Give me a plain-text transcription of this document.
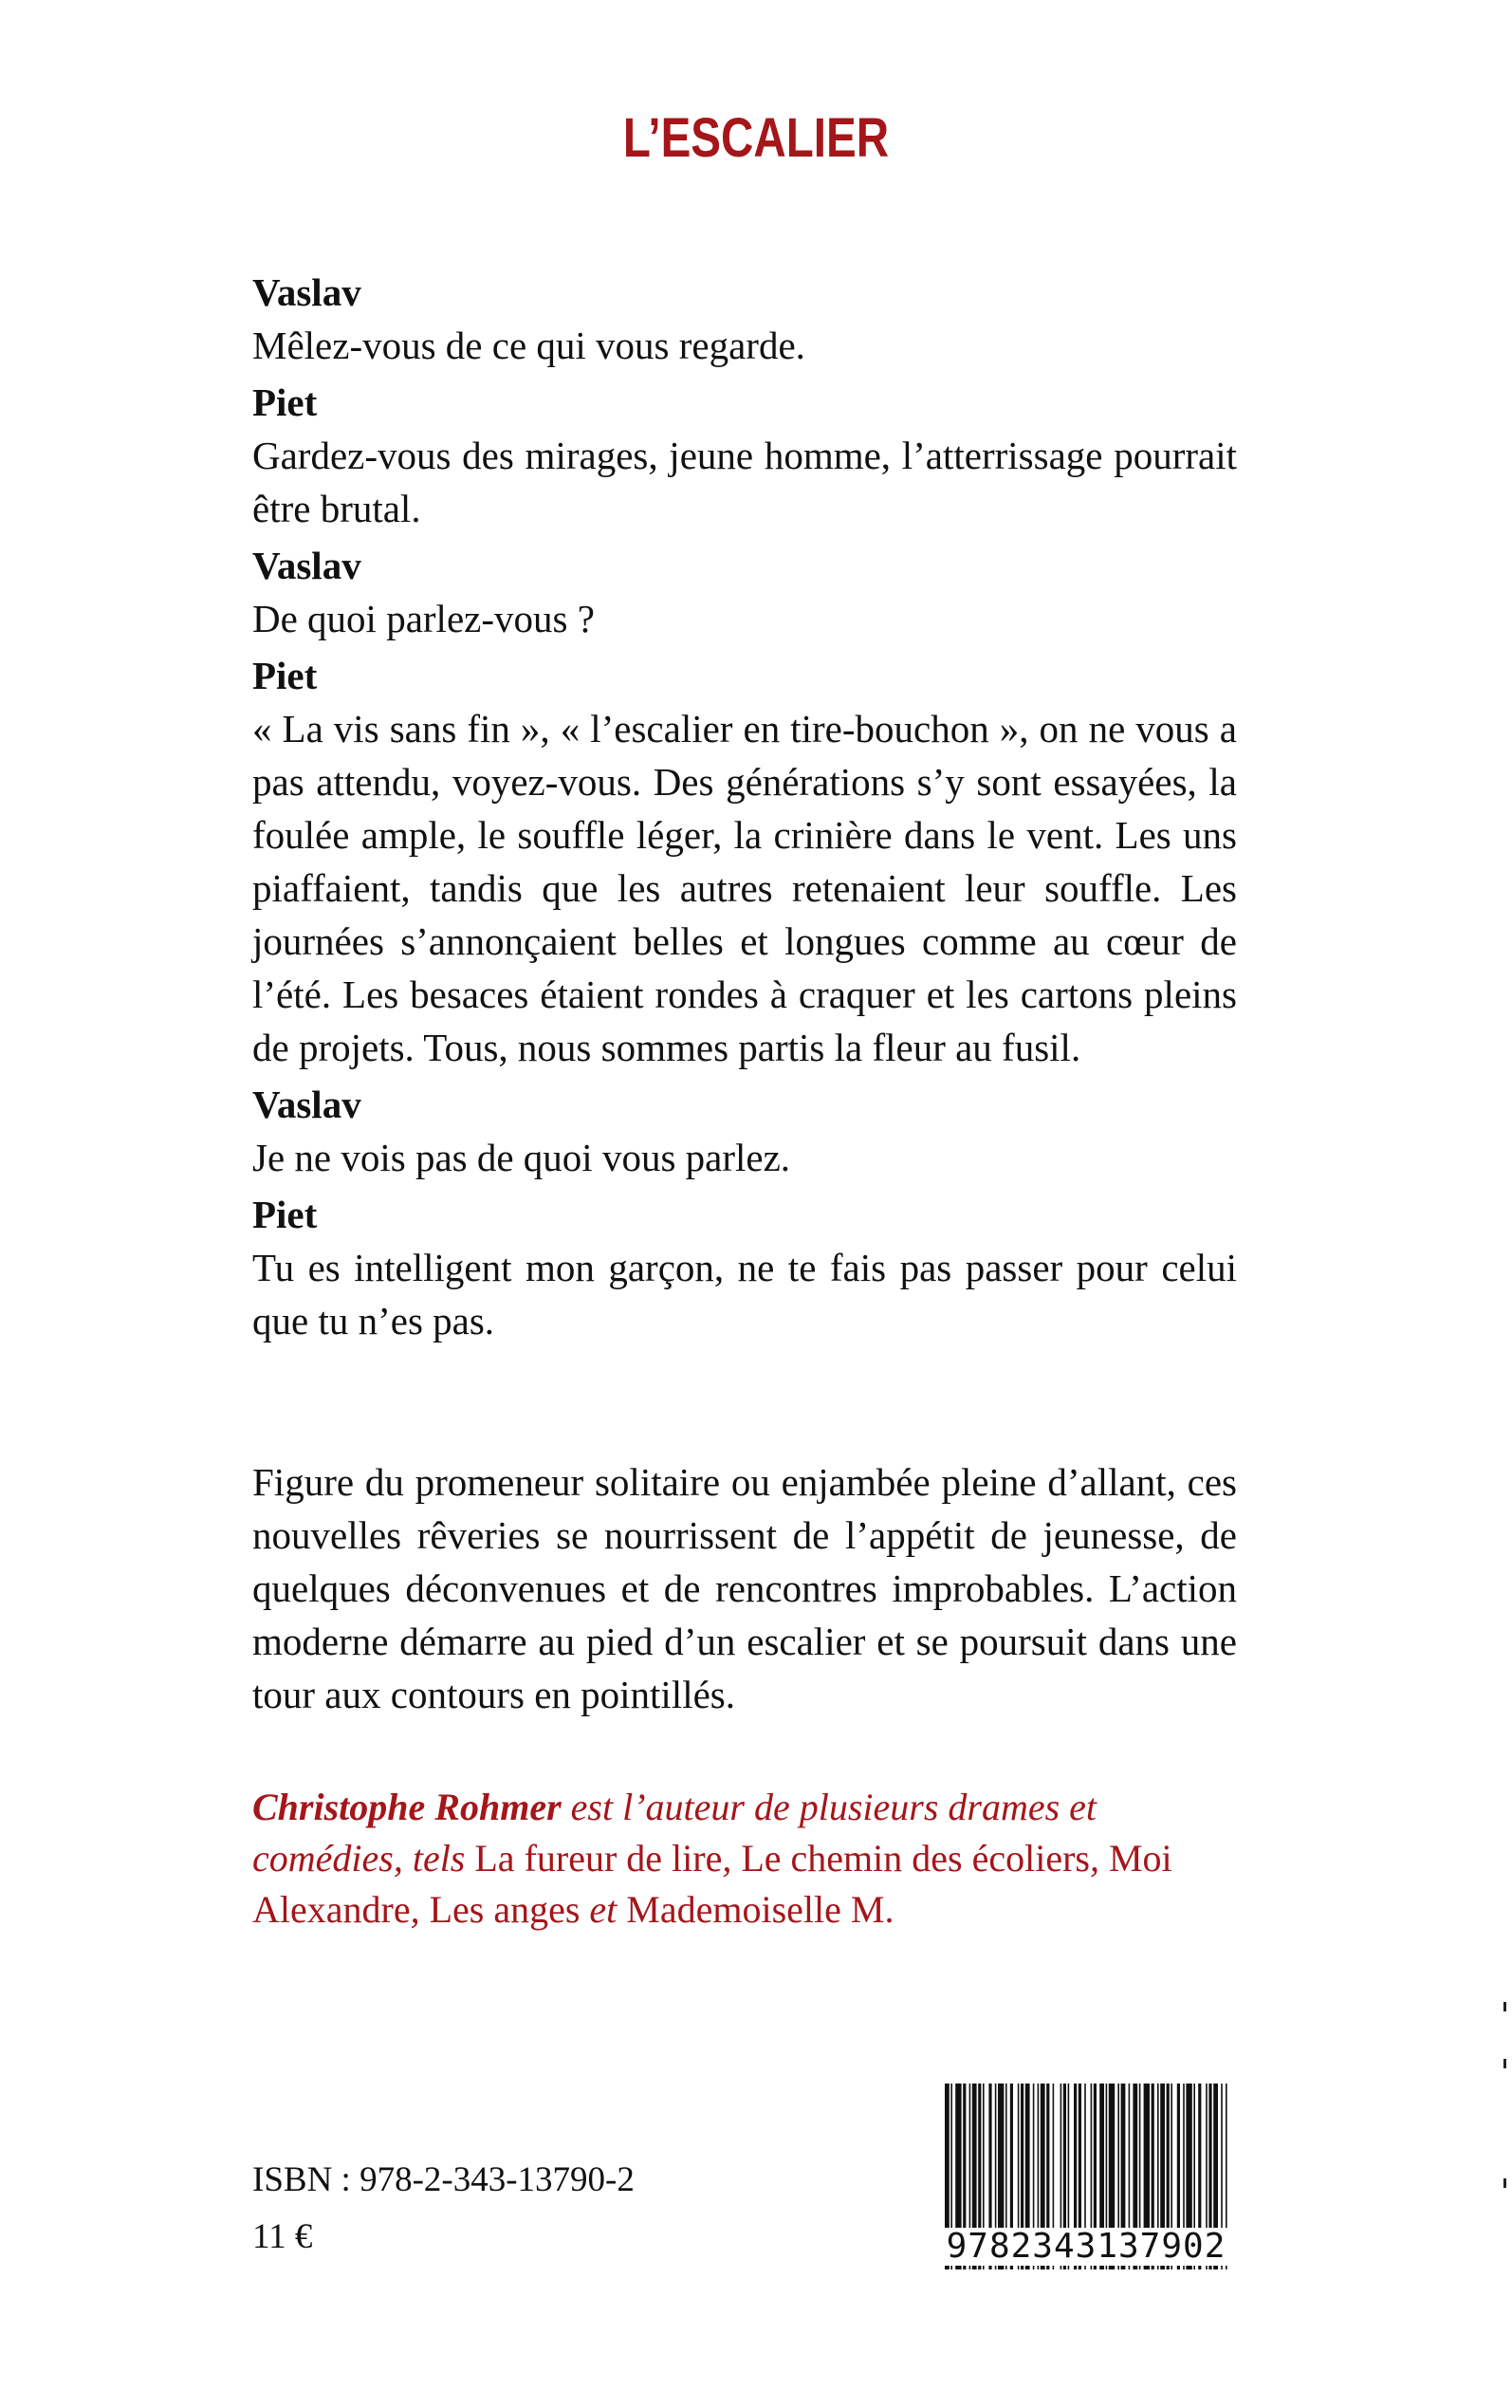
L’ESCALIER
Vaslav
Mêlez-vous de ce qui vous regarde.
Piet
Gardez-vous des mirages, jeune homme, l’atterrissage pourrait être brutal.
Vaslav
De quoi parlez-vous ?
Piet
« La vis sans fin », « l’escalier en tire-bouchon », on ne vous a pas attendu, voyez-vous. Des générations s’y sont essayées, la foulée ample, le souffle léger, la crinière dans le vent. Les uns piaffaient, tandis que les autres retenaient leur souffle. Les journées s’annonçaient belles et longues comme au cœur de l’été. Les besaces étaient rondes à craquer et les cartons pleins de projets. Tous, nous sommes partis la fleur au fusil.
Vaslav
Je ne vois pas de quoi vous parlez.
Piet
Tu es intelligent mon garçon, ne te fais pas passer pour celui que tu n’es pas.
Figure du promeneur solitaire ou enjambée pleine d’allant, ces nouvelles rêveries se nourrissent de l’appétit de jeunesse, de quelques déconvenues et de rencontres improbables. L’action moderne démarre au pied d’un escalier et se poursuit dans une tour aux contours en pointillés.
Christophe Rohmer est l’auteur de plusieurs drames et comédies, tels La fureur de lire, Le chemin des écoliers, Moi Alexandre, Les anges et Mademoiselle M.
ISBN : 978-2-343-13790-2
11 €	9782343137902
